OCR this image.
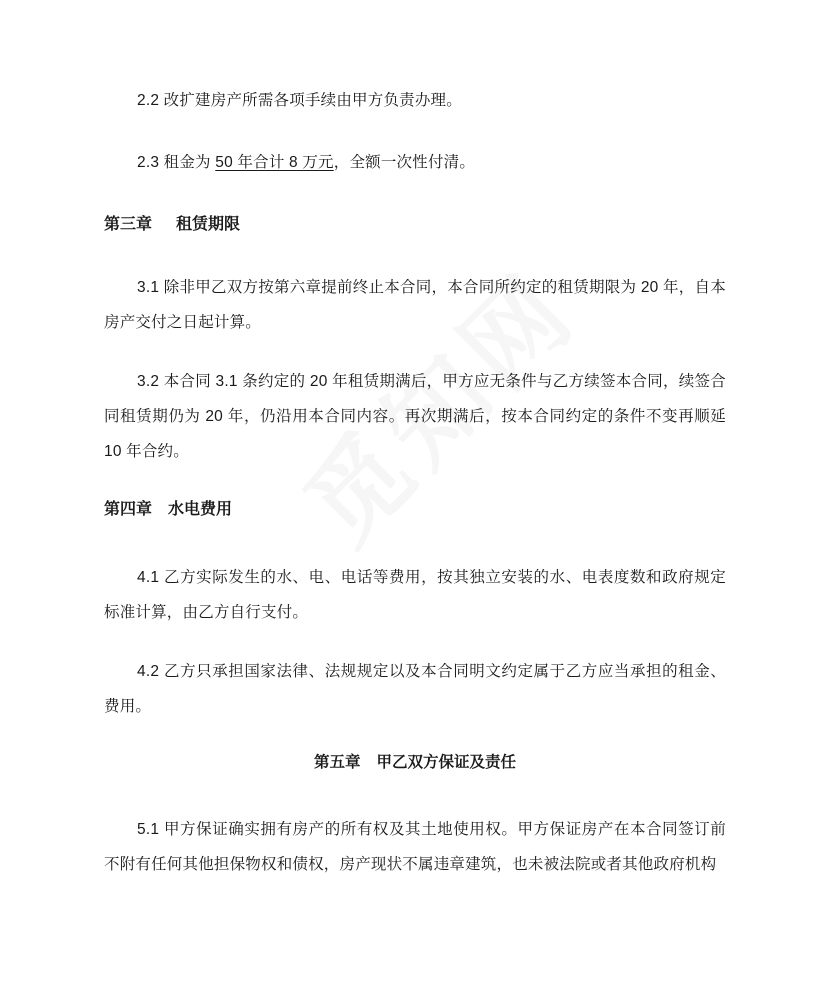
2.2 改扩建房产所需各项手续由甲方负责办理。

2.3 租金为 50 年合计 8 万元，全额一次性付清。

第三章 租赁期限

3.1 除非甲乙双方按第六章提前终止本合同，本合同所约定的租赁期限为 20 年，自本房产交付之日起计算。

3.2 本合同 3.1 条约定的 20 年租赁期满后，甲方应无条件与乙方续签本合同，续签合同租赁期仍为 20 年，仍沿用本合同内容。再次期满后，按本合同约定的条件不变再顺延 10 年合约。

第四章 水电费用

4.1 乙方实际发生的水、电、电话等费用，按其独立安装的水、电表度数和政府规定标准计算，由乙方自行支付。

4.2 乙方只承担国家法律、法规规定以及本合同明文约定属于乙方应当承担的租金、费用。

第五章 甲乙双方保证及责任

5.1 甲方保证确实拥有房产的所有权及其土地使用权。甲方保证房产在本合同签订前不附有任何其他担保物权和债权，房产现状不属违章建筑，也未被法院或者其他政府机构
